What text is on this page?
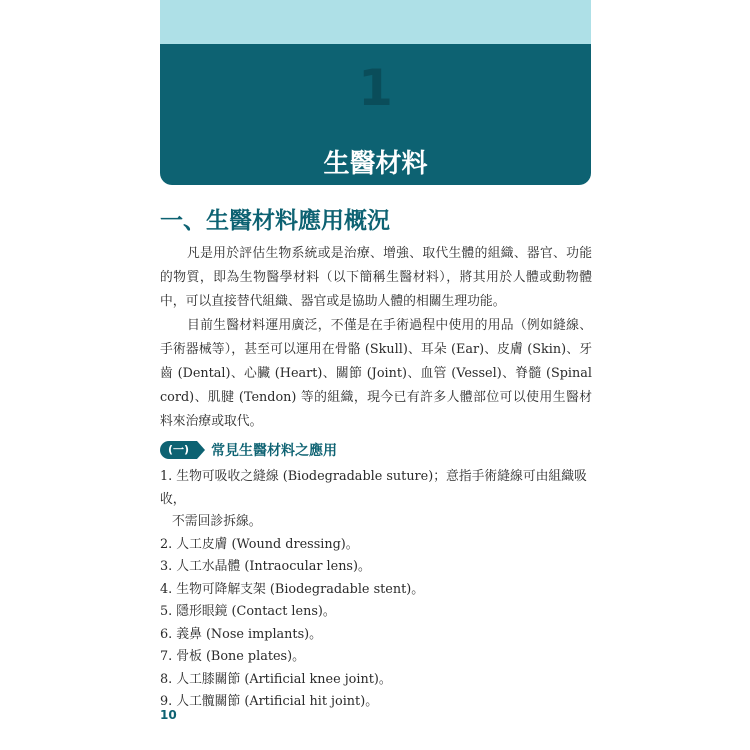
1
生醫材料
一、生醫材料應用概況

凡是用於評估生物系統或是治療、增強、取代生體的組織、器官、功能的物質，即為生物醫學材料（以下簡稱生醫材料），將其用於人體或動物體中，可以直接替代組織、器官或是協助人體的相關生理功能。

目前生醫材料運用廣泛，不僅是在手術過程中使用的用品（例如縫線、手術器械等），甚至可以運用在骨骼 (Skull)、耳朵 (Ear)、皮膚 (Skin)、牙齒 (Dental)、心臟 (Heart)、關節 (Joint)、血管 (Vessel)、脊髓 (Spinal cord)、肌腱 (Tendon) 等的組織，現今已有許多人體部位可以使用生醫材料來治療或取代。

(一)	常見生醫材料之應用
1. 生物可吸收之縫線 (Biodegradable suture)；意指手術縫線可由組織吸收，
不需回診拆線。
2. 人工皮膚 (Wound dressing)。
3. 人工水晶體 (Intraocular lens)。
4. 生物可降解支架 (Biodegradable stent)。
5. 隱形眼鏡 (Contact lens)。
6. 義鼻 (Nose implants)。
7. 骨板 (Bone plates)。
8. 人工膝關節 (Artificial knee joint)。
9. 人工髖關節 (Artificial hit joint)。
10
